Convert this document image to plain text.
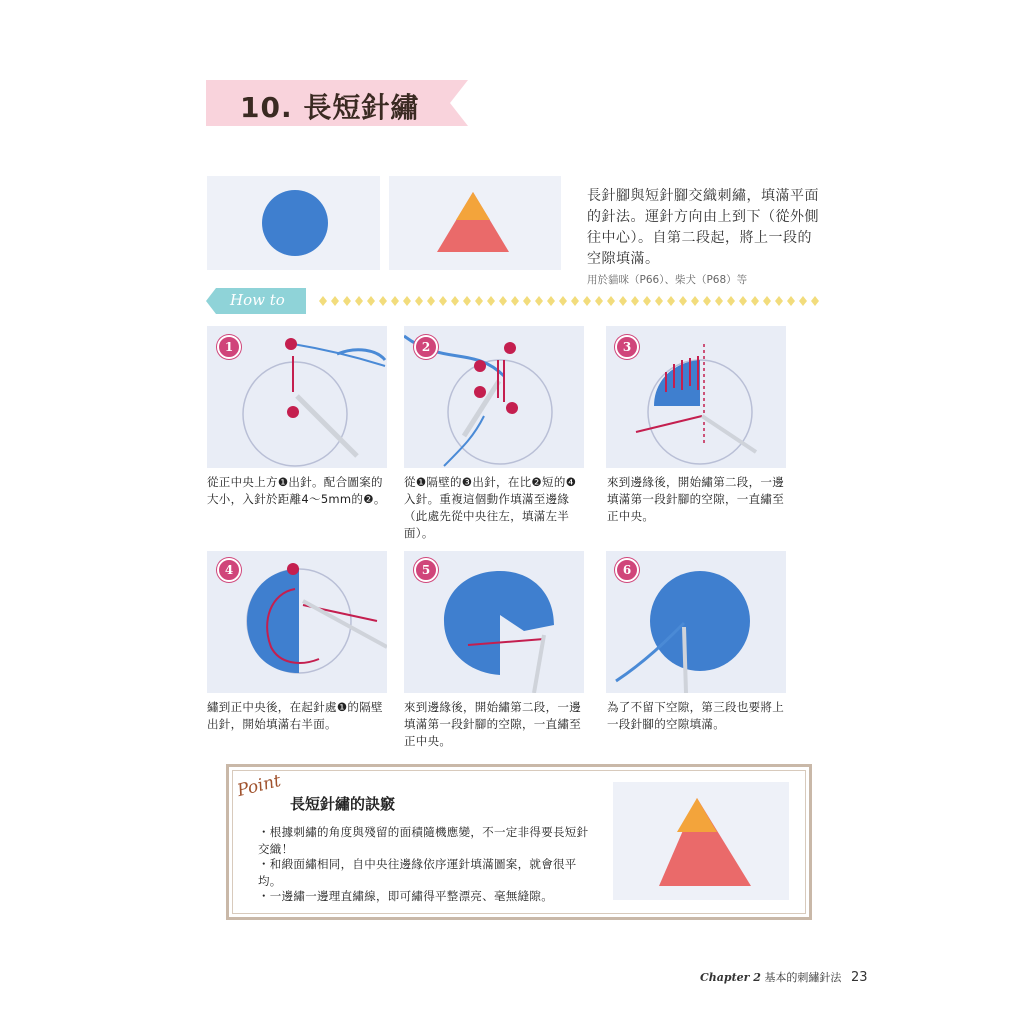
10. 長短針繡
長針腳與短針腳交織刺繡，填滿平面的針法。運針方向由上到下（從外側往中心）。自第二段起，將上一段的空隙填滿。
用於貓咪（P66）、柴犬（P68）等
How to
1
從正中央上方❶出針。配合圖案的大小，入針於距離4～5mm的❷。
2
從❶隔壁的❸出針，在比❷短的❹入針。重複這個動作填滿至邊緣（此處先從中央往左，填滿左半面）。
3
來到邊緣後，開始繡第二段，一邊填滿第一段針腳的空隙，一直繡至正中央。
4
繡到正中央後，在起針處❶的隔壁出針，開始填滿右半面。
5
來到邊緣後，開始繡第二段，一邊填滿第一段針腳的空隙，一直繡至正中央。
6
為了不留下空隙，第三段也要將上一段針腳的空隙填滿。
Point
長短針繡的訣竅
・根據刺繡的角度與殘留的面積隨機應變，不一定非得要長短針交織！
・和緞面繡相同，自中央往邊緣依序運針填滿圖案，就會很平均。
・一邊繡一邊理直繡線，即可繡得平整漂亮、毫無縫隙。
Chapter 2 基本的刺繡針法 23
